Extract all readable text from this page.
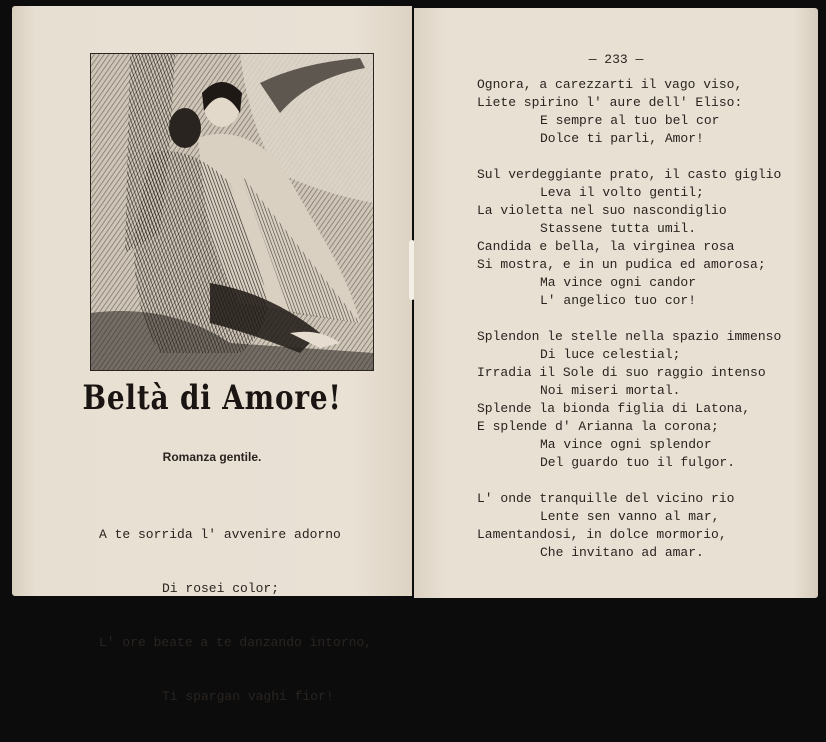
Beltà di Amore!
Romanza gentile.

A te sorrida l' avvenire adorno

Di rosei color;

L' ore beate a te danzando intorno,

Ti spargan vaghi fior!

— 233 —
Ognora, a carezzarti il vago viso,
Liete spirino l' aure dell' Eliso:
E sempre al tuo bel cor
Dolce ti parli, Amor!
Sul verdeggiante prato, il casto giglio
Leva il volto gentil;
La violetta nel suo nascondiglio
Stassene tutta umil.
Candida e bella, la virginea rosa
Si mostra, e in un pudica ed amorosa;
Ma vince ogni candor
L' angelico tuo cor!
Splendon le stelle nella spazio immenso
Di luce celestial;
Irradia il Sole di suo raggio intenso
Noi miseri mortal.
Splende la bionda figlia di Latona,
E splende d' Arianna la corona;
Ma vince ogni splendor
Del guardo tuo il fulgor.
L' onde tranquille del vicino rio
Lente sen vanno al mar,
Lamentandosi, in dolce mormorio,
Che invitano ad amar.
